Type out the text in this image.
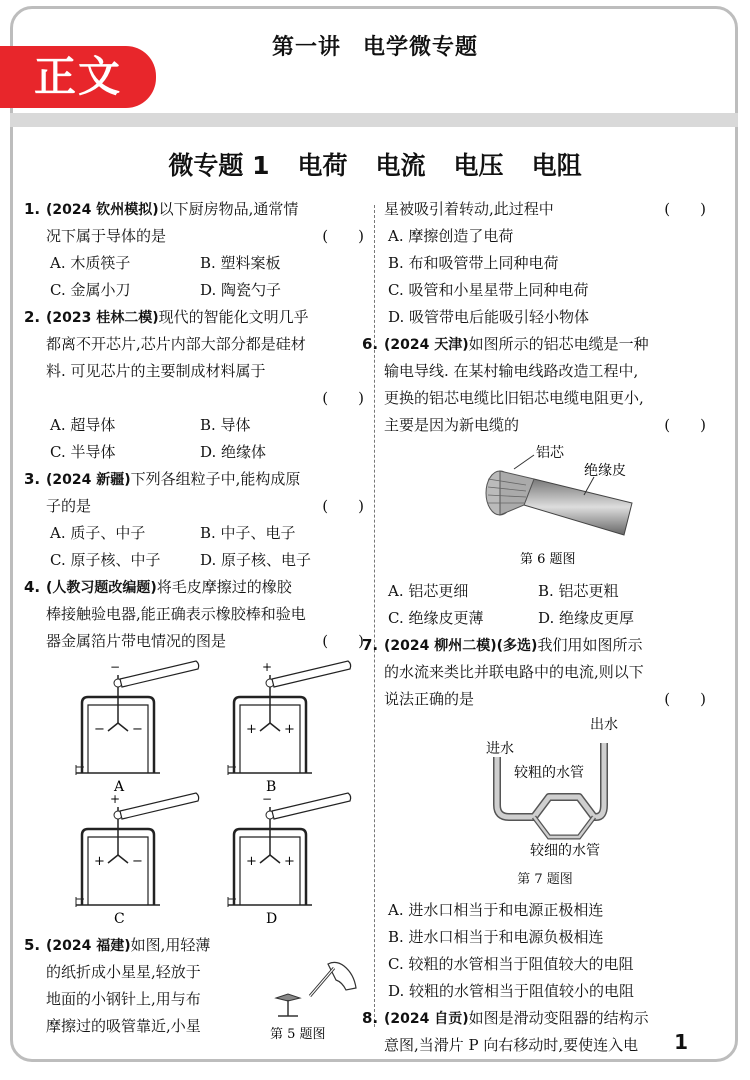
第一讲 电学微专题
正文
微专题 1 电荷 电流 电压 电阻
1. (2024 钦州模拟)以下厨房物品,通常情
况下属于导体的是	(　　)
A. 木质筷子	B. 塑料案板
C. 金属小刀	D. 陶瓷勺子
2. (2023 桂林二模)现代的智能化文明几乎
都离不开芯片,芯片内部大部分都是硅材
料. 可见芯片的主要制成材料属于
(　　)
A. 超导体	B. 导体
C. 半导体	D. 绝缘体
3. (2024 新疆)下列各组粒子中,能构成原
子的是	(　　)
A. 质子、中子	B. 中子、电子
C. 原子核、中子	D. 原子核、电子
4. (人教习题改编题)将毛皮摩擦过的橡胶
棒接触验电器,能正确表示橡胶棒和验电
器金属箔片带电情况的图是	(　　)
−
− −
A
+
+ +
B
+
+ −
C
−
+ +
D
5. (2024 福建)如图,用轻薄
的纸折成小星星,轻放于
地面的小钢针上,用与布
摩擦过的吸管靠近,小星	第 5 题图
星被吸引着转动,此过程中	(　　)
A. 摩擦创造了电荷
B. 布和吸管带上同种电荷
C. 吸管和小星星带上同种电荷
D. 吸管带电后能吸引轻小物体
6. (2024 天津)如图所示的铝芯电缆是一种
输电导线. 在某村输电线路改造工程中,
更换的铝芯电缆比旧铝芯电缆电阻更小,
主要是因为新电缆的	(　　)
铝芯
绝缘皮
第 6 题图
A. 铝芯更细	B. 铝芯更粗
C. 绝缘皮更薄	D. 绝缘皮更厚
7. (2024 柳州二模)(多选)我们用如图所示
的水流来类比并联电路中的电流,则以下
说法正确的是	(　　)
出水
进水
较粗的水管
较细的水管
第 7 题图
A. 进水口相当于和电源正极相连
B. 进水口相当于和电源负极相连
C. 较粗的水管相当于阻值较大的电阻
D. 较粗的水管相当于阻值较小的电阻
8. (2024 自贡)如图是滑动变阻器的结构示
意图,当滑片 P 向右移动时,要使连入电	1
